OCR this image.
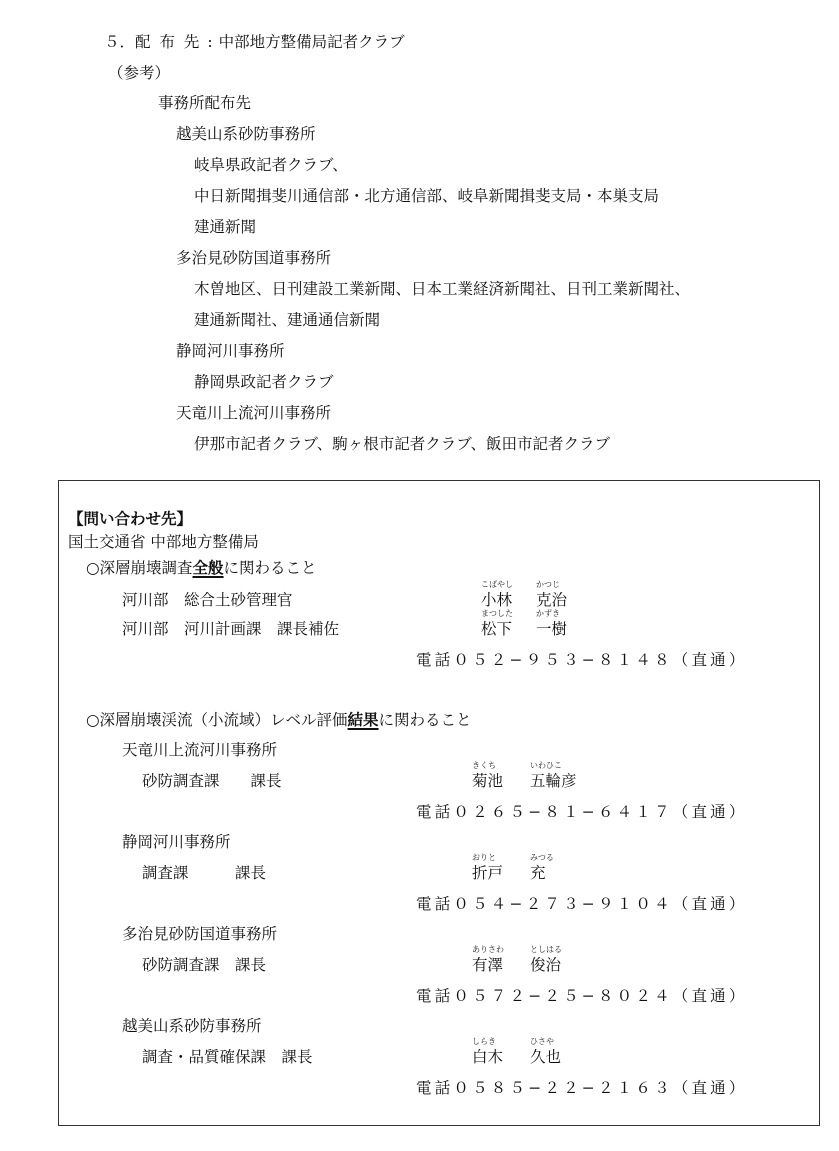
５．配 布 先 : 中部地方整備局記者クラブ
（参考）
事務所配布先
越美山系砂防事務所
岐阜県政記者クラブ、
中日新聞揖斐川通信部・北方通信部、岐阜新聞揖斐支局・本巣支局
建通新聞
多治見砂防国道事務所
木曽地区、日刊建設工業新聞、日本工業経済新聞社、日刊工業新聞社、
建通新聞社、建通通信新聞
静岡河川事務所
静岡県政記者クラブ
天竜川上流河川事務所
伊那市記者クラブ、駒ヶ根市記者クラブ、飯田市記者クラブ
【問い合わせ先】
国土交通省 中部地方整備局
○深層崩壊調査全般に関わること
河川部　総合土砂管理官
こばやし	かつじ
小林 克治
河川部　河川計画課　課長補佐
まつした	かずき
松下 一樹
電話０５２−９５３−８１４８（直通）
○深層崩壊渓流（小流域）レベル評価結果に関わること
天竜川上流河川事務所
砂防調査課　　課長
きくち	いわひこ
菊池 五輪彦
電話０２６５−８１−６４１７（直通）
静岡河川事務所
調査課　　　課長
おりと	みつる
折戸 充
電話０５４−２７３−９１０４（直通）
多治見砂防国道事務所
砂防調査課　課長
ありさわ	としはる
有澤 俊治
電話０５７２−２５−８０２４（直通）
越美山系砂防事務所
調査・品質確保課　課長
しらき	ひさや
白木 久也
電話０５８５−２２−２１６３（直通）
